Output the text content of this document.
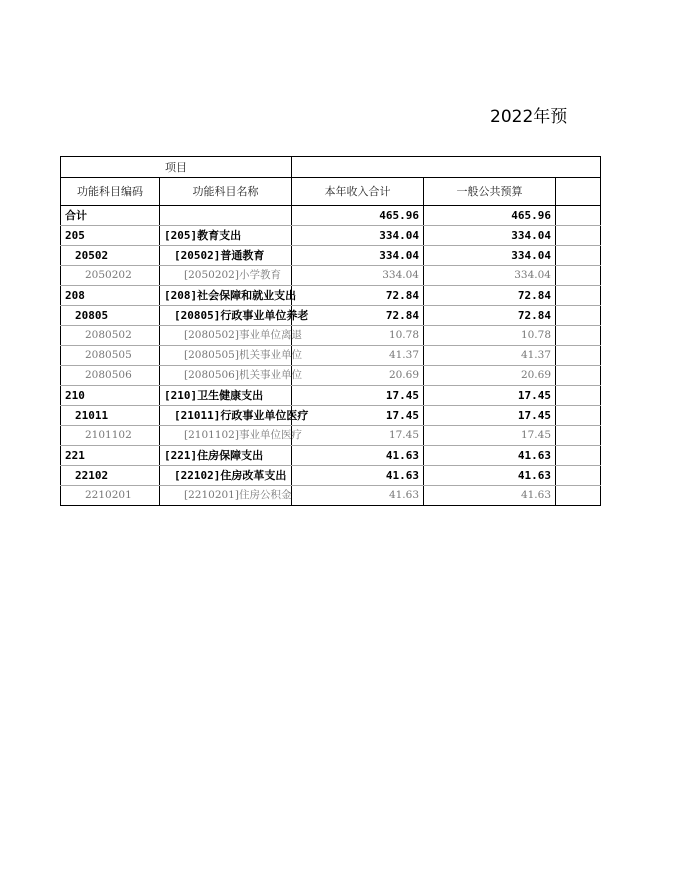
2022年预
项目				
功能科目编码	功能科目名称	本年收入合计	一般公共预算	
合计		465.96	465.96	
205	[205]教育支出	334.04	334.04	
20502	[20502]普通教育	334.04	334.04	
2050202	[2050202]小学教育	334.04	334.04	
208	[208]社会保障和就业支出	72.84	72.84	
20805	[20805]行政事业单位养老	72.84	72.84	
2080502	[2080502]事业单位离退	10.78	10.78	
2080505	[2080505]机关事业单位	41.37	41.37	
2080506	[2080506]机关事业单位	20.69	20.69	
210	[210]卫生健康支出	17.45	17.45	
21011	[21011]行政事业单位医疗	17.45	17.45	
2101102	[2101102]事业单位医疗	17.45	17.45	
221	[221]住房保障支出	41.63	41.63	
22102	[22102]住房改革支出	41.63	41.63	
2210201	[2210201]住房公积金	41.63	41.63	
